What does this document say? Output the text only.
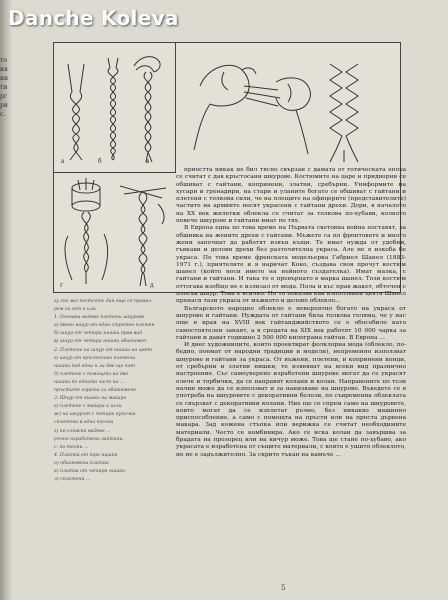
Danche Koleva
то
ия
ни
ти
рг
ри
с.
а	б	в
г	д

гу ско же постсоть дай още се правил

рем са сет е или

1. Основни видове плетени шнурове

а) двоен шнур от един стретен плетен

б) шнур от четири нишки прав вид

в) шнур от четири нишки обикновен

2. Плетене на шнур от нишки на цвят

г) шнур от кръстосано плетени

нишки под една и ли две ще пят

д) плетене с помощта на две

нишки по едната част на ...

пръстите хората са обикновено

3. Шнур от нишки на макара

е) плетене с макара и игли

ж) на шнурът с четири кукички

сплетени в една посока

з) по-сложни видове ...

ръчно изработени гайтани,

с. по-тесни ...

4. Плитка от три нишки

и) обикновена плитка

к) плитка от четири нишки

л) сплетени ...

приостта никак не бил тясно свързан с дамата от готическата епоха се считат с дав кръстосани шнурове. Костюмите на царе и придворни се обшиват с гайтани, копринени, златни, сребърни. Униформите на хусари и гренадири, на стари и уланите богато се обшиват с гайтани и плетени с толкова сили, че на плещите на офицерите (представителите) частите на армиите носят украсени с гайтани дрехи. Дори, в началото на XX век жилетки облекла се считат за толкова по-хубави, колкото повече шнурове и гайтани имат по тях.

В Европа една по това време на Първата световна война поставят, за обшивка на жените дрехи с гайтани. Мъжете са по фронтовете и много жени започнат да работят извън къщи. Те имат нужда от удобни, гъвкави и делови дрехи без разточителна украса. Але не я изкоба бе украса. По това време френската модельерка Габриел Шанел (1883-1971 г.), приятелите и я наричат Коко, създава своя прочут костюм шанел (който носи името на нейното създателка). Имат малка, с гайтани и гайтани. И така то е превърнато в марка шанел. Този костюм оттогава изобщо не е излизал от мода. Пола и къс прав жакет, обточен с плосък шнур. Това е всичко. Но то показва как използвани цвята Шанел пренася тази украса от мъжкото и делово облекло...

Българското народно облекло е невероятно богато на украса от шнурове и гайтани. Нуждата от гайтани била толкова голяма, че у нас още в края на XVIII век гайтанджийството се е обособило като самостоятелен занаят, а в средата на XIX век работят 10 000 чарка за гайтани и дават годишно 2 500 000 килограма гайтан. В Европа ...

И днес художниците, които проектират фолклорна мода (облекло, по-бедно, поемат от народни традиции и модели), непременно използват шнурове и гайтани за украса. От въжени, плетени, и копринени конци, от сребърни и златни нишки, те изявяват на всеки вид празнично настроение. Със самоуверено изработени шнурове могат да се украсят елече и торбички, да се направят колани и колан. Направените по този начин може да се използват и за нанизване на шнурове. Въведете се в употреба на шнуровете с декоративни белези, по съвременна облеклата се свързват с декоративни колани. Ние ще се спрем само на шнуровете, които могат да се изплетат ръчно, без никакво машинно приспособление, а само с помощта на пръсти или на проста дървена макара. Зад кожена стъпка или верижка се считат необходимите материали. Често се комбинира. Ако се иска колан да завършва за брадата на прозорец или на кичур може. Това ще стане по-хубаво, ако украсата е изработена от същите материали, с които е ушито облеклото, но не е задължително. За скрито тъкан на камъче ...

5
